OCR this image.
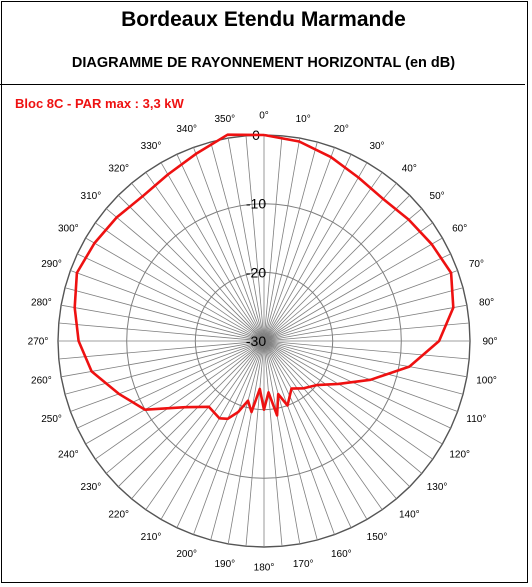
Bordeaux Etendu Marmande
DIAGRAMME DE RAYONNEMENT HORIZONTAL (en dB)
Bloc 8C - PAR max : 3,3 kW
0
-10
-20
-30
0°	10°
20°
30°
40°
50°
60°
70°
80°
90°
100°
110°
120°
130°
140°
150°
160°
170°
180°
190°
200°
210°
220°
230°
240°
250°
260°
270°
280°
290°
300°
310°
320°
330°
340°
350°
